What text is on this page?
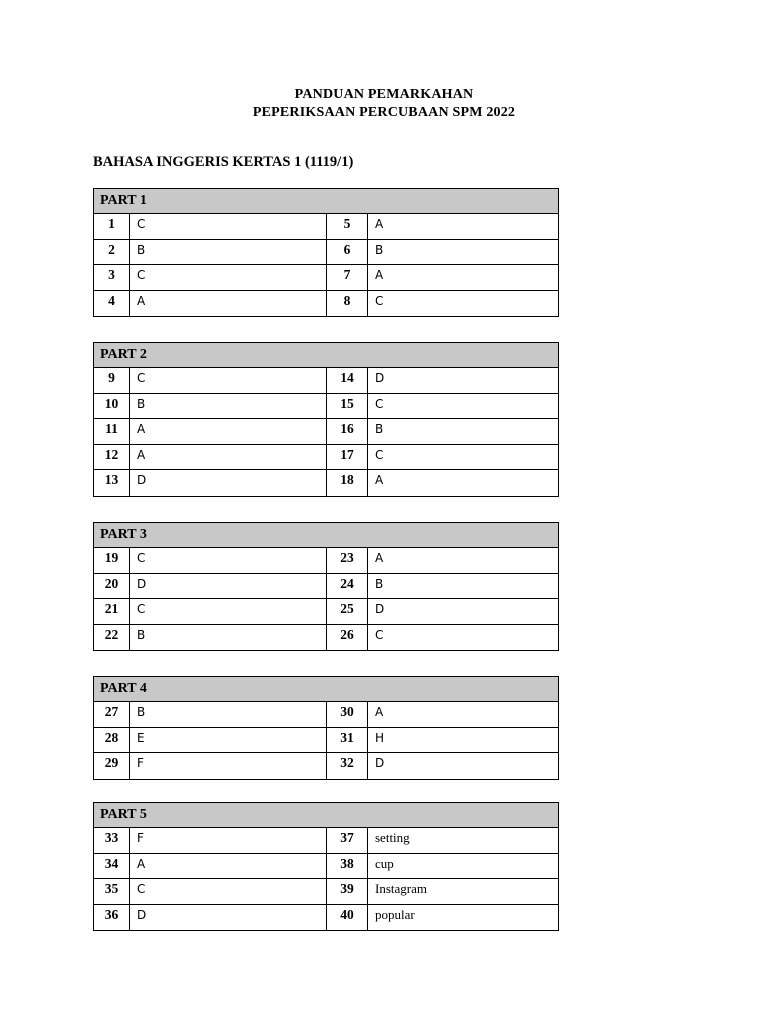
PANDUAN PEMARKAHAN
PEPERIKSAAN PERCUBAAN SPM 2022
BAHASA INGGERIS KERTAS 1 (1119/1)
PART 1
1	C	5	A
2	B	6	B
3	C	7	A
4	A	8	C
PART 2
9	C	14	D
10	B	15	C
11	A	16	B
12	A	17	C
13	D	18	A
PART 3
19	C	23	A
20	D	24	B
21	C	25	D
22	B	26	C
PART 4
27	B	30	A
28	E	31	H
29	F	32	D
PART 5
33	F	37	setting
34	A	38	cup
35	C	39	Instagram
36	D	40	popular
